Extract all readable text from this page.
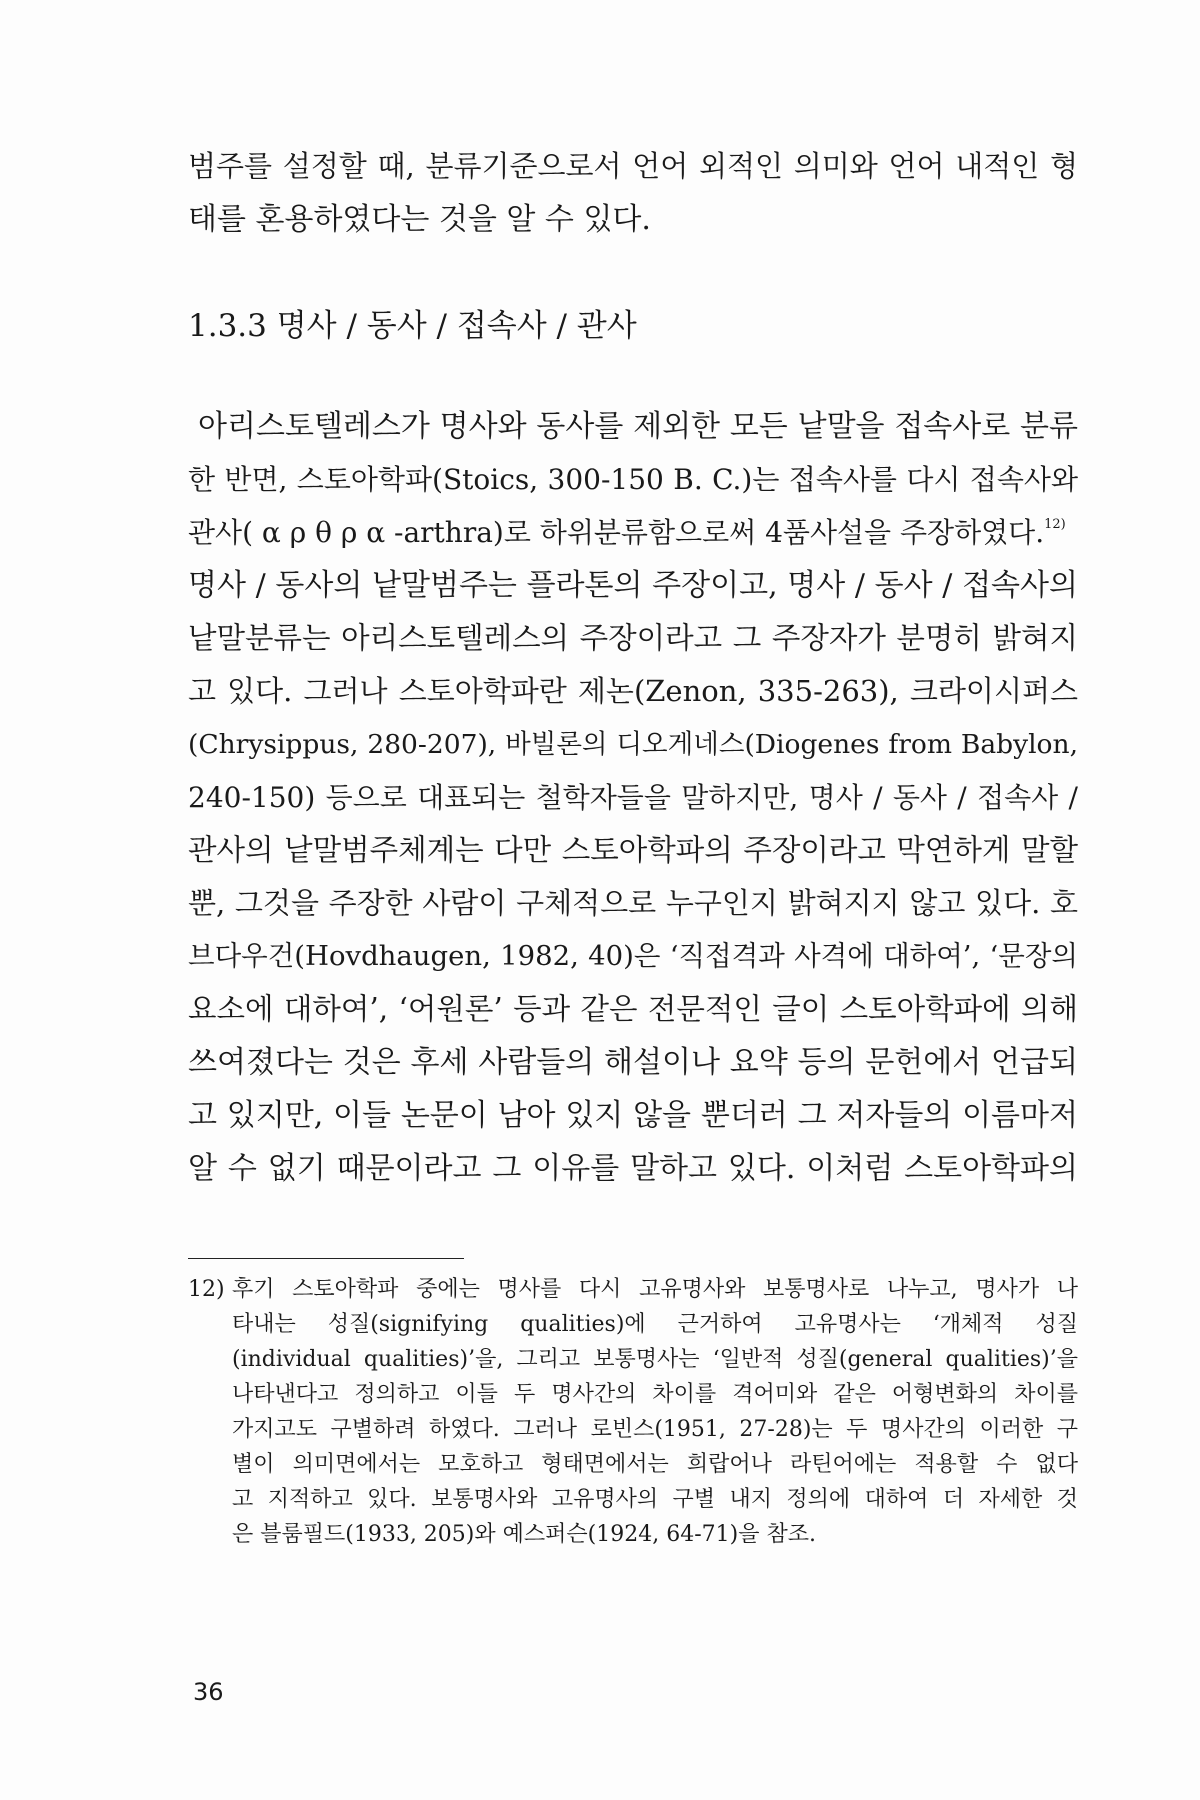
범주를 설정할 때, 분류기준으로서 언어 외적인 의미와 언어 내적인 형
태를 혼용하였다는 것을 알 수 있다.
1.3.3 명사 / 동사 / 접속사 / 관사
아리스토텔레스가 명사와 동사를 제외한 모든 낱말을 접속사로 분류
한 반면, 스토아학파(Stoics, 300-150 B. C.)는 접속사를 다시 접속사와
관사( α ρ θ ρ α -arthra)로 하위분류함으로써 4품사설을 주장하였다.$^{12)}$
명사 / 동사의 낱말범주는 플라톤의 주장이고, 명사 / 동사 / 접속사의
낱말분류는 아리스토텔레스의 주장이라고 그 주장자가 분명히 밝혀지
고 있다. 그러나 스토아학파란 제논(Zenon, 335-263), 크라이시퍼스
(Chrysippus, 280-207), 바빌론의 디오게네스(Diogenes from Babylon,
240-150) 등으로 대표되는 철학자들을 말하지만, 명사 / 동사 / 접속사 /
관사의 낱말범주체계는 다만 스토아학파의 주장이라고 막연하게 말할
뿐, 그것을 주장한 사람이 구체적으로 누구인지 밝혀지지 않고 있다. 호
브다우건(Hovdhaugen, 1982, 40)은 ‘직접격과 사격에 대하여’, ‘문장의
요소에 대하여’, ‘어원론’ 등과 같은 전문적인 글이 스토아학파에 의해
쓰여졌다는 것은 후세 사람들의 해설이나 요약 등의 문헌에서 언급되
고 있지만, 이들 논문이 남아 있지 않을 뿐더러 그 저자들의 이름마저
알 수 없기 때문이라고 그 이유를 말하고 있다. 이처럼 스토아학파의
12) 후기 스토아학파 중에는 명사를 다시 고유명사와 보통명사로 나누고, 명사가 나
타내는 성질(signifying qualities)에 근거하여 고유명사는 ‘개체적 성질
(individual qualities)’을, 그리고 보통명사는 ‘일반적 성질(general qualities)’을
나타낸다고 정의하고 이들 두 명사간의 차이를 격어미와 같은 어형변화의 차이를
가지고도 구별하려 하였다. 그러나 로빈스(1951, 27-28)는 두 명사간의 이러한 구
별이 의미면에서는 모호하고 형태면에서는 희랍어나 라틴어에는 적용할 수 없다
고 지적하고 있다. 보통명사와 고유명사의 구별 내지 정의에 대하여 더 자세한 것
은 블룸필드(1933, 205)와 예스퍼슨(1924, 64-71)을 참조.
36
